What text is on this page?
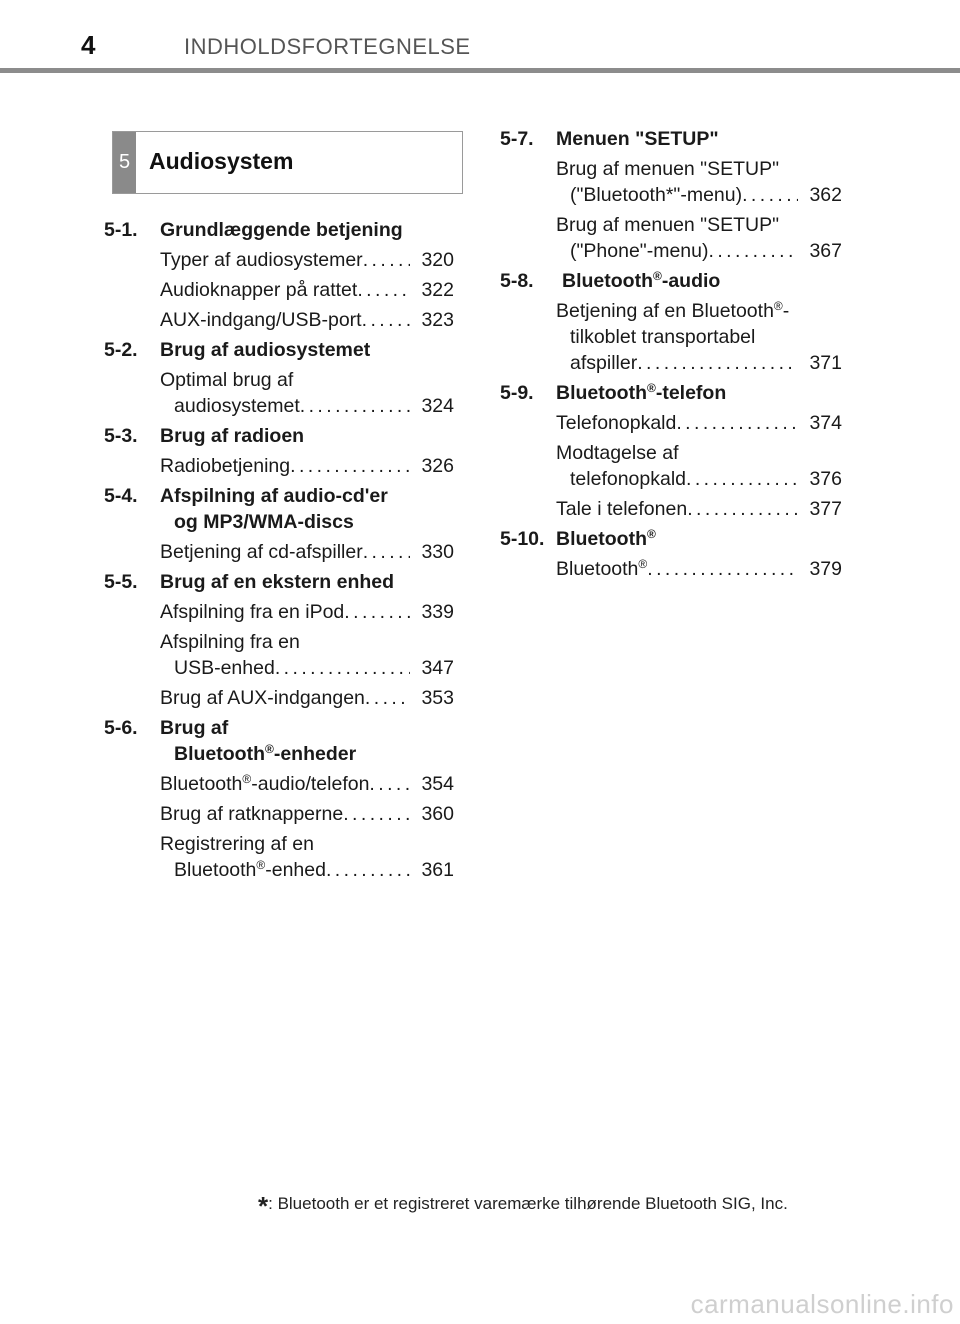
4	INDHOLDSFORTEGNELSE
5 Audiosystem
5-1.	Grundlæggende betjening
Typer af audiosystemer . . .	320
Audioknapper på rattet . . .	322
AUX-indgang/USB-port . . .	323
5-2.	Brug af audiosystemet
Optimal brug af
audiosystemet . . .	324
5-3.	Brug af radioen
Radiobetjening . . .	326
5-4.	Afspilning af audio-cd'er
og MP3/WMA-discs
Betjening af cd-afspiller . . .	330
5-5.	Brug af en ekstern enhed
Afspilning fra en iPod . . .	339
Afspilning fra en
USB-enhed . . .	347
Brug af AUX-indgangen . . .	353
5-6.	Brug af
Bluetooth®-enheder
Bluetooth®-audio/telefon . . .	354
Brug af ratknapperne . . .	360
Registrering af en
Bluetooth®-enhed . . .	361
5-7.	Menuen "SETUP"
Brug af menuen "SETUP"
("Bluetooth*"-menu) . . .	362
Brug af menuen "SETUP"
("Phone"-menu) . . .	367
5-8.	Bluetooth®-audio
Betjening af en Bluetooth®-
tilkoblet transportabel
afspiller . . .	371
5-9.	Bluetooth®-telefon
Telefonopkald . . .	374
Modtagelse af
telefonopkald . . .	376
Tale i telefonen . . .	377
5-10. Bluetooth®
Bluetooth® . . .	379
*: Bluetooth er et registreret varemærke tilhørende Bluetooth SIG, Inc.
carmanualsonline.info
